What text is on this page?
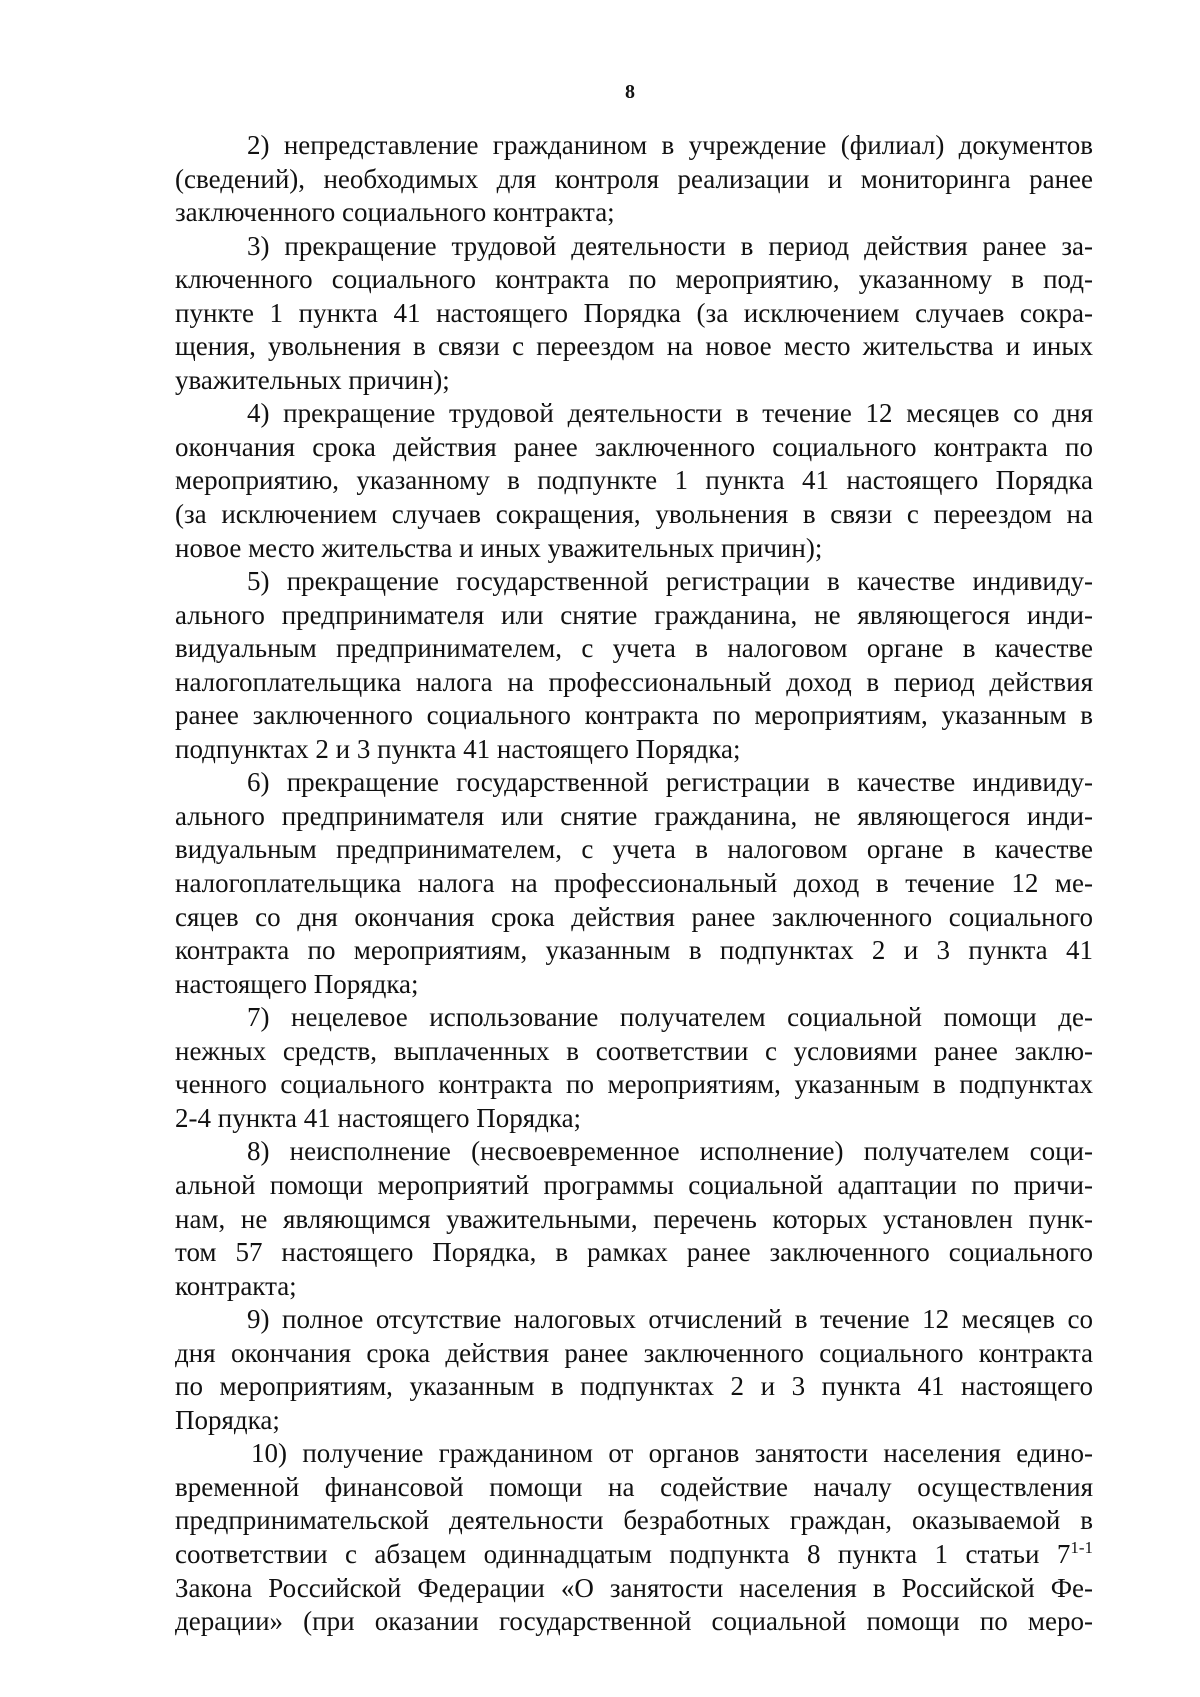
8
2) непредставление гражданином в учреждение (филиал) документов
(сведений), необходимых для контроля реализации и мониторинга ранее
заключенного социального контракта;
3) прекращение трудовой деятельности в период действия ранее за-
ключенного социального контракта по мероприятию, указанному в под-
пункте 1 пункта 41 настоящего Порядка (за исключением случаев сокра-
щения, увольнения в связи с переездом на новое место жительства и иных
уважительных причин);
4) прекращение трудовой деятельности в течение 12 месяцев со дня
окончания срока действия ранее заключенного социального контракта по
мероприятию, указанному в подпункте 1 пункта 41 настоящего Порядка
(за исключением случаев сокращения, увольнения в связи с переездом на
новое место жительства и иных уважительных причин);
5) прекращение государственной регистрации в качестве индивиду-
ального предпринимателя или снятие гражданина, не являющегося инди-
видуальным предпринимателем, с учета в налоговом органе в качестве
налогоплательщика налога на профессиональный доход в период действия
ранее заключенного социального контракта по мероприятиям, указанным в
подпунктах 2 и 3 пункта 41 настоящего Порядка;
6) прекращение государственной регистрации в качестве индивиду-
ального предпринимателя или снятие гражданина, не являющегося инди-
видуальным предпринимателем, с учета в налоговом органе в качестве
налогоплательщика налога на профессиональный доход в течение 12 ме-
сяцев со дня окончания срока действия ранее заключенного социального
контракта по мероприятиям, указанным в подпунктах 2 и 3 пункта 41
настоящего Порядка;
7) нецелевое использование получателем социальной помощи де-
нежных средств, выплаченных в соответствии с условиями ранее заклю-
ченного социального контракта по мероприятиям, указанным в подпунктах
2-4 пункта 41 настоящего Порядка;
8) неисполнение (несвоевременное исполнение) получателем соци-
альной помощи мероприятий программы социальной адаптации по причи-
нам, не являющимся уважительными, перечень которых установлен пунк-
том 57 настоящего Порядка, в рамках ранее заключенного социального
контракта;
9) полное отсутствие налоговых отчислений в течение 12 месяцев со
дня окончания срока действия ранее заключенного социального контракта
по мероприятиям, указанным в подпунктах 2 и 3 пункта 41 настоящего
Порядка;
10) получение гражданином от органов занятости населения едино-
временной финансовой помощи на содействие началу осуществления
предпринимательской деятельности безработных граждан, оказываемой в
соответствии с абзацем одиннадцатым подпункта 8 пункта 1 статьи 7$^{1-1}$
Закона Российской Федерации «О занятости населения в Российской Фе-
дерации» (при оказании государственной социальной помощи по меро-
